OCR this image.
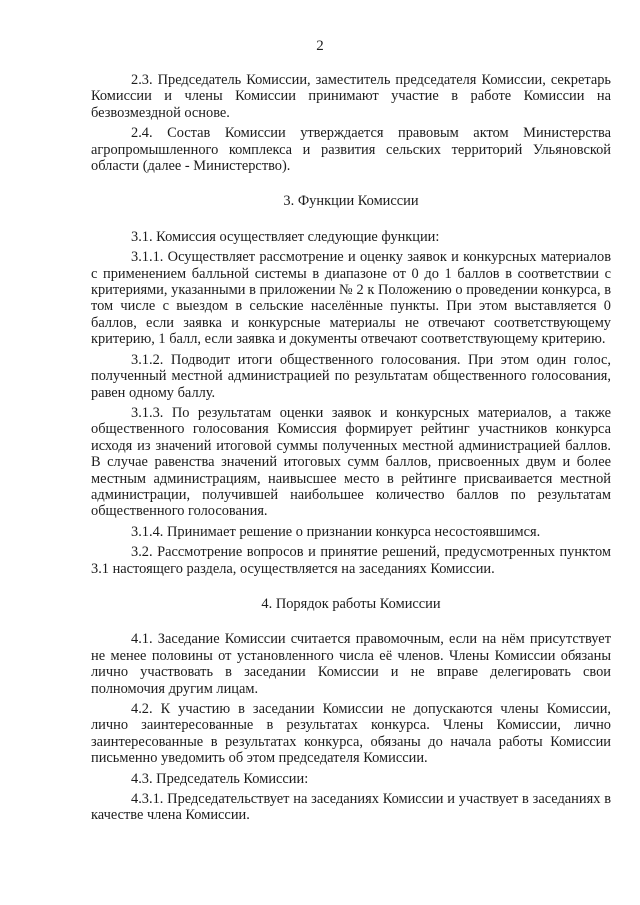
2

2.3. Председатель Комиссии, заместитель председателя Комиссии, секретарь Комиссии и члены Комиссии принимают участие в работе Комиссии на безвозмездной основе.

2.4. Состав Комиссии утверждается правовым актом Министерства агропромышленного комплекса и развития сельских территорий Ульяновской области (далее - Министерство).

3. Функции Комиссии

3.1. Комиссия осуществляет следующие функции:

3.1.1. Осуществляет рассмотрение и оценку заявок и конкурсных материалов с применением балльной системы в диапазоне от 0 до 1 баллов в соответствии с критериями, указанными в приложении № 2 к Положению о проведении конкурса, в том числе с выездом в сельские населённые пункты. При этом выставляется 0 баллов, если заявка и конкурсные материалы не отвечают соответствующему критерию, 1 балл, если заявка и документы отвечают соответствующему критерию.

3.1.2. Подводит итоги общественного голосования. При этом один голос, полученный местной администрацией по результатам общественного голосования, равен одному баллу.

3.1.3. По результатам оценки заявок и конкурсных материалов, а также общественного голосования Комиссия формирует рейтинг участников конкурса исходя из значений итоговой суммы полученных местной администрацией баллов. В случае равенства значений итоговых сумм баллов, присвоенных двум и более местным администрациям, наивысшее место в рейтинге присваивается местной администрации, получившей наибольшее количество баллов по результатам общественного голосования.

3.1.4. Принимает решение о признании конкурса несостоявшимся.

3.2. Рассмотрение вопросов и принятие решений, предусмотренных пунктом 3.1 настоящего раздела, осуществляется на заседаниях Комиссии.

4. Порядок работы Комиссии

4.1. Заседание Комиссии считается правомочным, если на нём присутствует не менее половины от установленного числа её членов. Члены Комиссии обязаны лично участвовать в заседании Комиссии и не вправе делегировать свои полномочия другим лицам.

4.2. К участию в заседании Комиссии не допускаются члены Комиссии, лично заинтересованные в результатах конкурса. Члены Комиссии, лично заинтересованные в результатах конкурса, обязаны до начала работы Комиссии письменно уведомить об этом председателя Комиссии.

4.3. Председатель Комиссии:

4.3.1. Председательствует на заседаниях Комиссии и участвует в заседаниях в качестве члена Комиссии.
